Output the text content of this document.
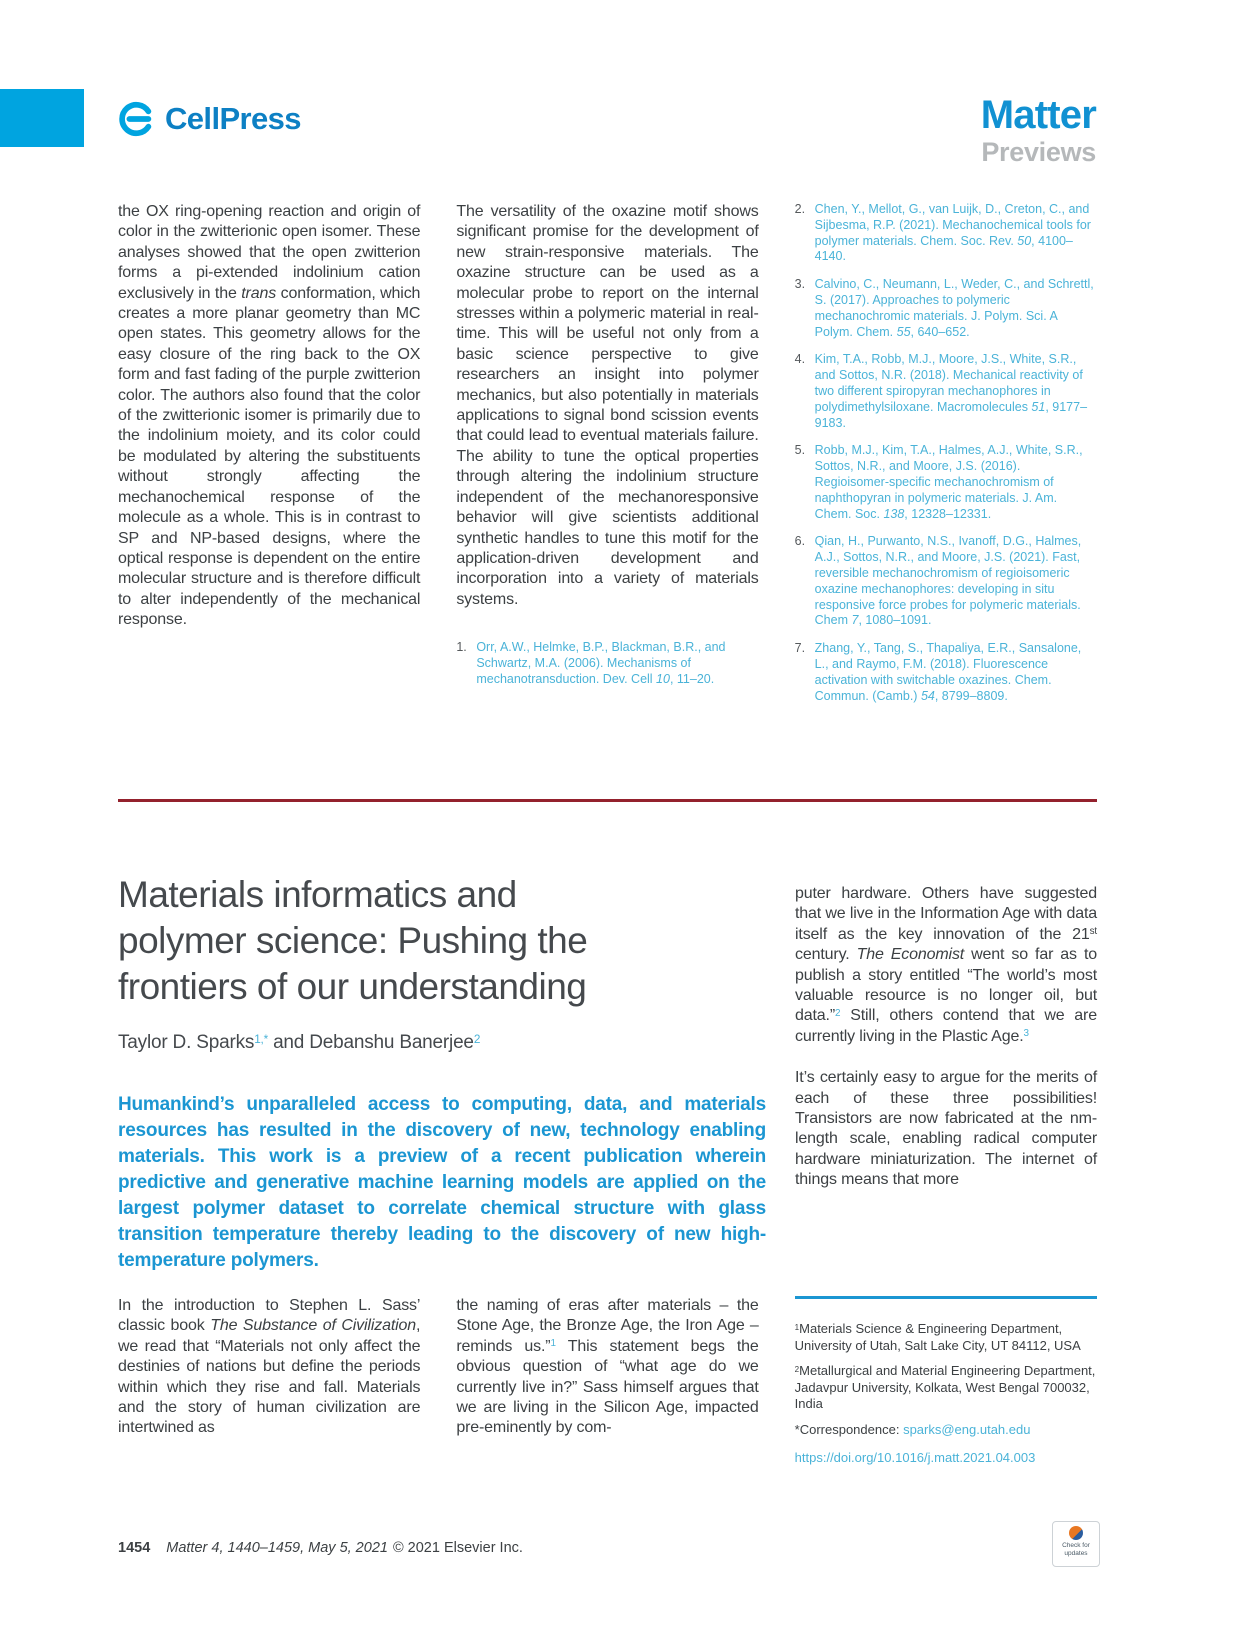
CellPress	Matter
Previews

the OX ring-opening reaction and origin of color in the zwitterionic open isomer. These analyses showed that the open zwitterion forms a pi-extended indolinium cation exclusively in the trans conformation, which creates a more planar geometry than MC open states. This geometry allows for the easy closure of the ring back to the OX form and fast fading of the purple zwitterion color. The authors also found that the color of the zwitterionic isomer is primarily due to the indolinium moiety, and its color could be modulated by altering the substituents without strongly affecting the mechanochemical response of the molecule as a whole. This is in contrast to SP and NP-based designs, where the optical response is dependent on the entire molecular structure and is therefore difficult to alter independently of the mechanical response.

The versatility of the oxazine motif shows significant promise for the development of new strain-responsive materials. The oxazine structure can be used as a molecular probe to report on the internal stresses within a polymeric material in real-time. This will be useful not only from a basic science perspective to give researchers an insight into polymer mechanics, but also potentially in materials applications to signal bond scission events that could lead to eventual materials failure. The ability to tune the optical properties through altering the indolinium structure independent of the mechanoresponsive behavior will give scientists additional synthetic handles to tune this motif for the application-driven development and incorporation into a variety of materials systems.

1. Orr, A.W., Helmke, B.P., Blackman, B.R., and Schwartz, M.A. (2006). Mechanisms of mechanotransduction. Dev. Cell 10, 11–20.
2. Chen, Y., Mellot, G., van Luijk, D., Creton, C., and Sijbesma, R.P. (2021). Mechanochemical tools for polymer materials. Chem. Soc. Rev. 50, 4100–4140.
3. Calvino, C., Neumann, L., Weder, C., and Schrettl, S. (2017). Approaches to polymeric mechanochromic materials. J. Polym. Sci. A Polym. Chem. 55, 640–652.
4. Kim, T.A., Robb, M.J., Moore, J.S., White, S.R., and Sottos, N.R. (2018). Mechanical reactivity of two different spiropyran mechanophores in polydimethylsiloxane. Macromolecules 51, 9177–9183.
5. Robb, M.J., Kim, T.A., Halmes, A.J., White, S.R., Sottos, N.R., and Moore, J.S. (2016). Regioisomer-specific mechanochromism of naphthopyran in polymeric materials. J. Am. Chem. Soc. 138, 12328–12331.
6. Qian, H., Purwanto, N.S., Ivanoff, D.G., Halmes, A.J., Sottos, N.R., and Moore, J.S. (2021). Fast, reversible mechanochromism of regioisomeric oxazine mechanophores: developing in situ responsive force probes for polymeric materials. Chem 7, 1080–1091.
7. Zhang, Y., Tang, S., Thapaliya, E.R., Sansalone, L., and Raymo, F.M. (2018). Fluorescence activation with switchable oxazines. Chem. Commun. (Camb.) 54, 8799–8809.
Materials informatics and
polymer science: Pushing the
frontiers of our understanding

Taylor D. Sparks$^{1,*}$ and Debanshu Banerjee$^2$

Humankind’s unparalleled access to computing, data, and materials resources has resulted in the discovery of new, technology enabling materials. This work is a preview of a recent publication wherein predictive and generative machine learning models are applied on the largest polymer dataset to correlate chemical structure with glass transition temperature thereby leading to the discovery of new high-temperature polymers.

puter hardware. Others have suggested that we live in the Information Age with data itself as the key innovation of the 21st century. The Economist went so far as to publish a story entitled “The world’s most valuable resource is no longer oil, but data.”$^2$ Still, others contend that we are currently living in the Plastic Age.$^3$

It’s certainly easy to argue for the merits of each of these three possibilities! Transistors are now fabricated at the nm-length scale, enabling radical computer hardware miniaturization. The internet of things means that more

In the introduction to Stephen L. Sass’ classic book The Substance of Civilization, we read that “Materials not only affect the destinies of nations but define the periods within which they rise and fall. Materials and the story of human civilization are intertwined as

the naming of eras after materials – the Stone Age, the Bronze Age, the Iron Age – reminds us.”$^1$ This statement begs the obvious question of “what age do we currently live in?” Sass himself argues that we are living in the Silicon Age, impacted pre-eminently by com-

$^1$Materials Science & Engineering Department, University of Utah, Salt Lake City, UT 84112, USA

$^2$Metallurgical and Material Engineering Department, Jadavpur University, Kolkata, West Bengal 700032, India

*Correspondence: sparks@eng.utah.edu

https://doi.org/10.1016/j.matt.2021.04.003

1454 Matter 4, 1440–1459, May 5, 2021 © 2021 Elsevier Inc.	Check for updates
